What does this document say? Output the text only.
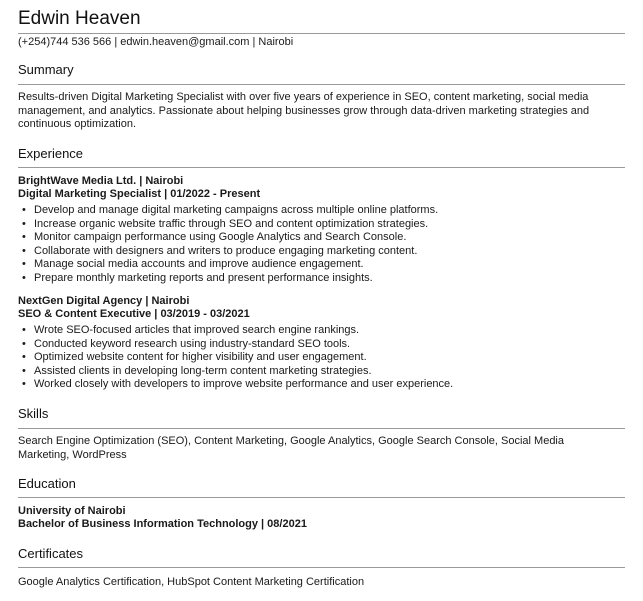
Edwin Heaven
(+254)744 536 566 | edwin.heaven@gmail.com | Nairobi
Summary
Results-driven Digital Marketing Specialist with over five years of experience in SEO, content marketing, social media management, and analytics. Passionate about helping businesses grow through data-driven marketing strategies and continuous optimization.
Experience
BrightWave Media Ltd. | Nairobi
Digital Marketing Specialist | 01/2022 - Present
• Develop and manage digital marketing campaigns across multiple online platforms.
• Increase organic website traffic through SEO and content optimization strategies.
• Monitor campaign performance using Google Analytics and Search Console.
• Collaborate with designers and writers to produce engaging marketing content.
• Manage social media accounts and improve audience engagement.
• Prepare monthly marketing reports and present performance insights.
NextGen Digital Agency | Nairobi
SEO & Content Executive | 03/2019 - 03/2021
• Wrote SEO-focused articles that improved search engine rankings.
• Conducted keyword research using industry-standard SEO tools.
• Optimized website content for higher visibility and user engagement.
• Assisted clients in developing long-term content marketing strategies.
• Worked closely with developers to improve website performance and user experience.
Skills
Search Engine Optimization (SEO), Content Marketing, Google Analytics, Google Search Console, Social Media Marketing, WordPress
Education
University of Nairobi
Bachelor of Business Information Technology | 08/2021
Certificates
Google Analytics Certification, HubSpot Content Marketing Certification
